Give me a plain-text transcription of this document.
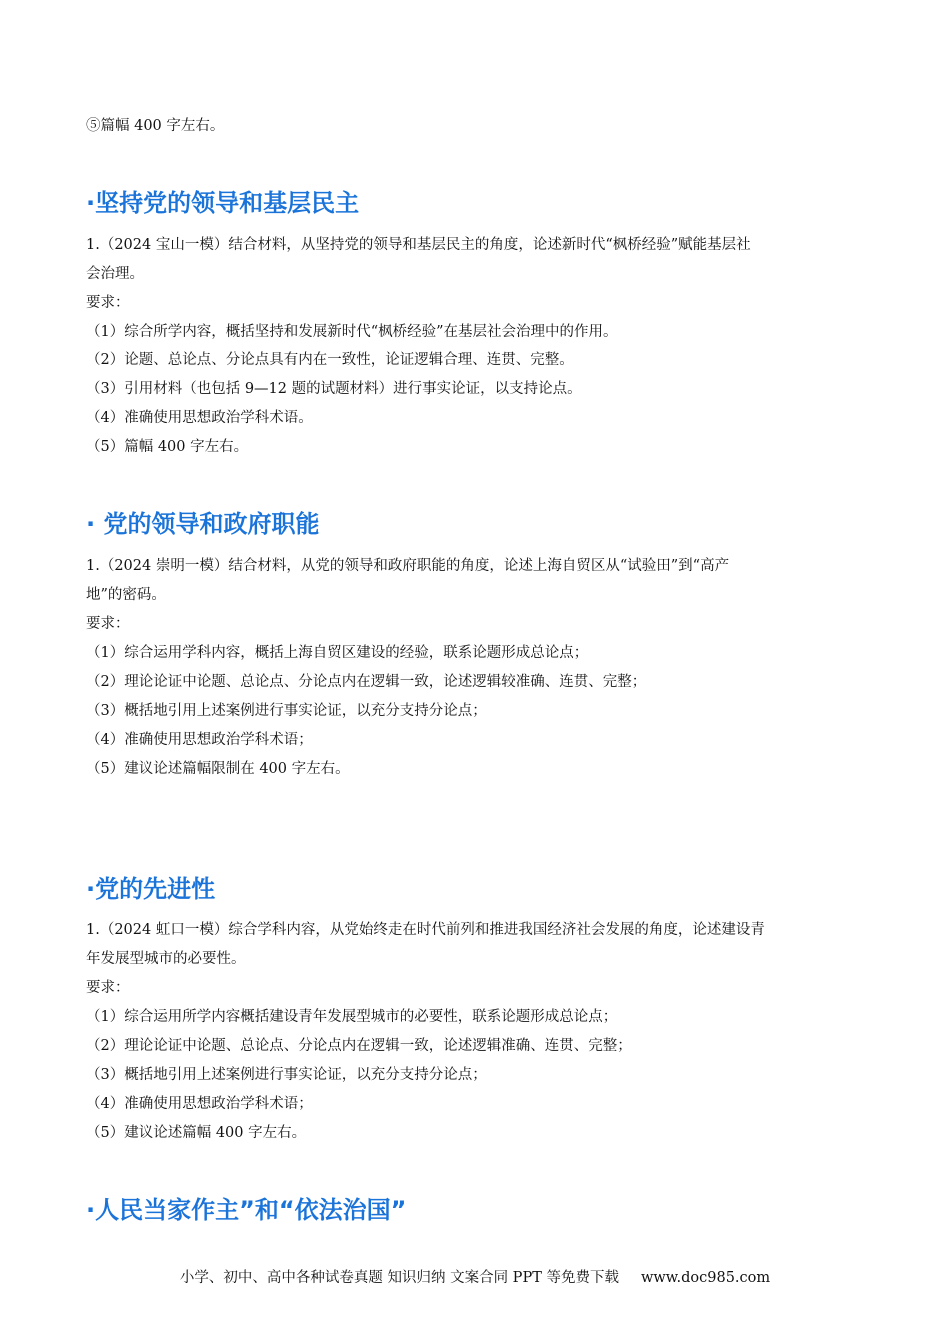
⑤篇幅 400 字左右。
·坚持党的领导和基层民主
1.（2024 宝山一模）结合材料，从坚持党的领导和基层民主的角度，论述新时代“枫桥经验”赋能基层社
会治理。
要求：
（1）综合所学内容，概括坚持和发展新时代“枫桥经验”在基层社会治理中的作用。
（2）论题、总论点、分论点具有内在一致性，论证逻辑合理、连贯、完整。
（3）引用材料（也包括 9—12 题的试题材料）进行事实论证，以支持论点。
（4）准确使用思想政治学科术语。
（5）篇幅 400 字左右。
· 党的领导和政府职能
1.（2024 崇明一模）结合材料，从党的领导和政府职能的角度，论述上海自贸区从“试验田”到“高产
地”的密码。
要求：
（1）综合运用学科内容，概括上海自贸区建设的经验，联系论题形成总论点；
（2）理论论证中论题、总论点、分论点内在逻辑一致，论述逻辑较准确、连贯、完整；
（3）概括地引用上述案例进行事实论证，以充分支持分论点；
（4）准确使用思想政治学科术语；
（5）建议论述篇幅限制在 400 字左右。
·党的先进性
1.（2024 虹口一模）综合学科内容，从党始终走在时代前列和推进我国经济社会发展的角度，论述建设青
年发展型城市的必要性。
要求：
（1）综合运用所学内容概括建设青年发展型城市的必要性，联系论题形成总论点；
（2）理论论证中论题、总论点、分论点内在逻辑一致，论述逻辑准确、连贯、完整；
（3）概括地引用上述案例进行事实论证，以充分支持分论点；
（4）准确使用思想政治学科术语；
（5）建议论述篇幅 400 字左右。
·人民当家作主”和“依法治国”
小学、初中、高中各种试卷真题 知识归纳 文案合同 PPT 等免费下载 www.doc985.com
